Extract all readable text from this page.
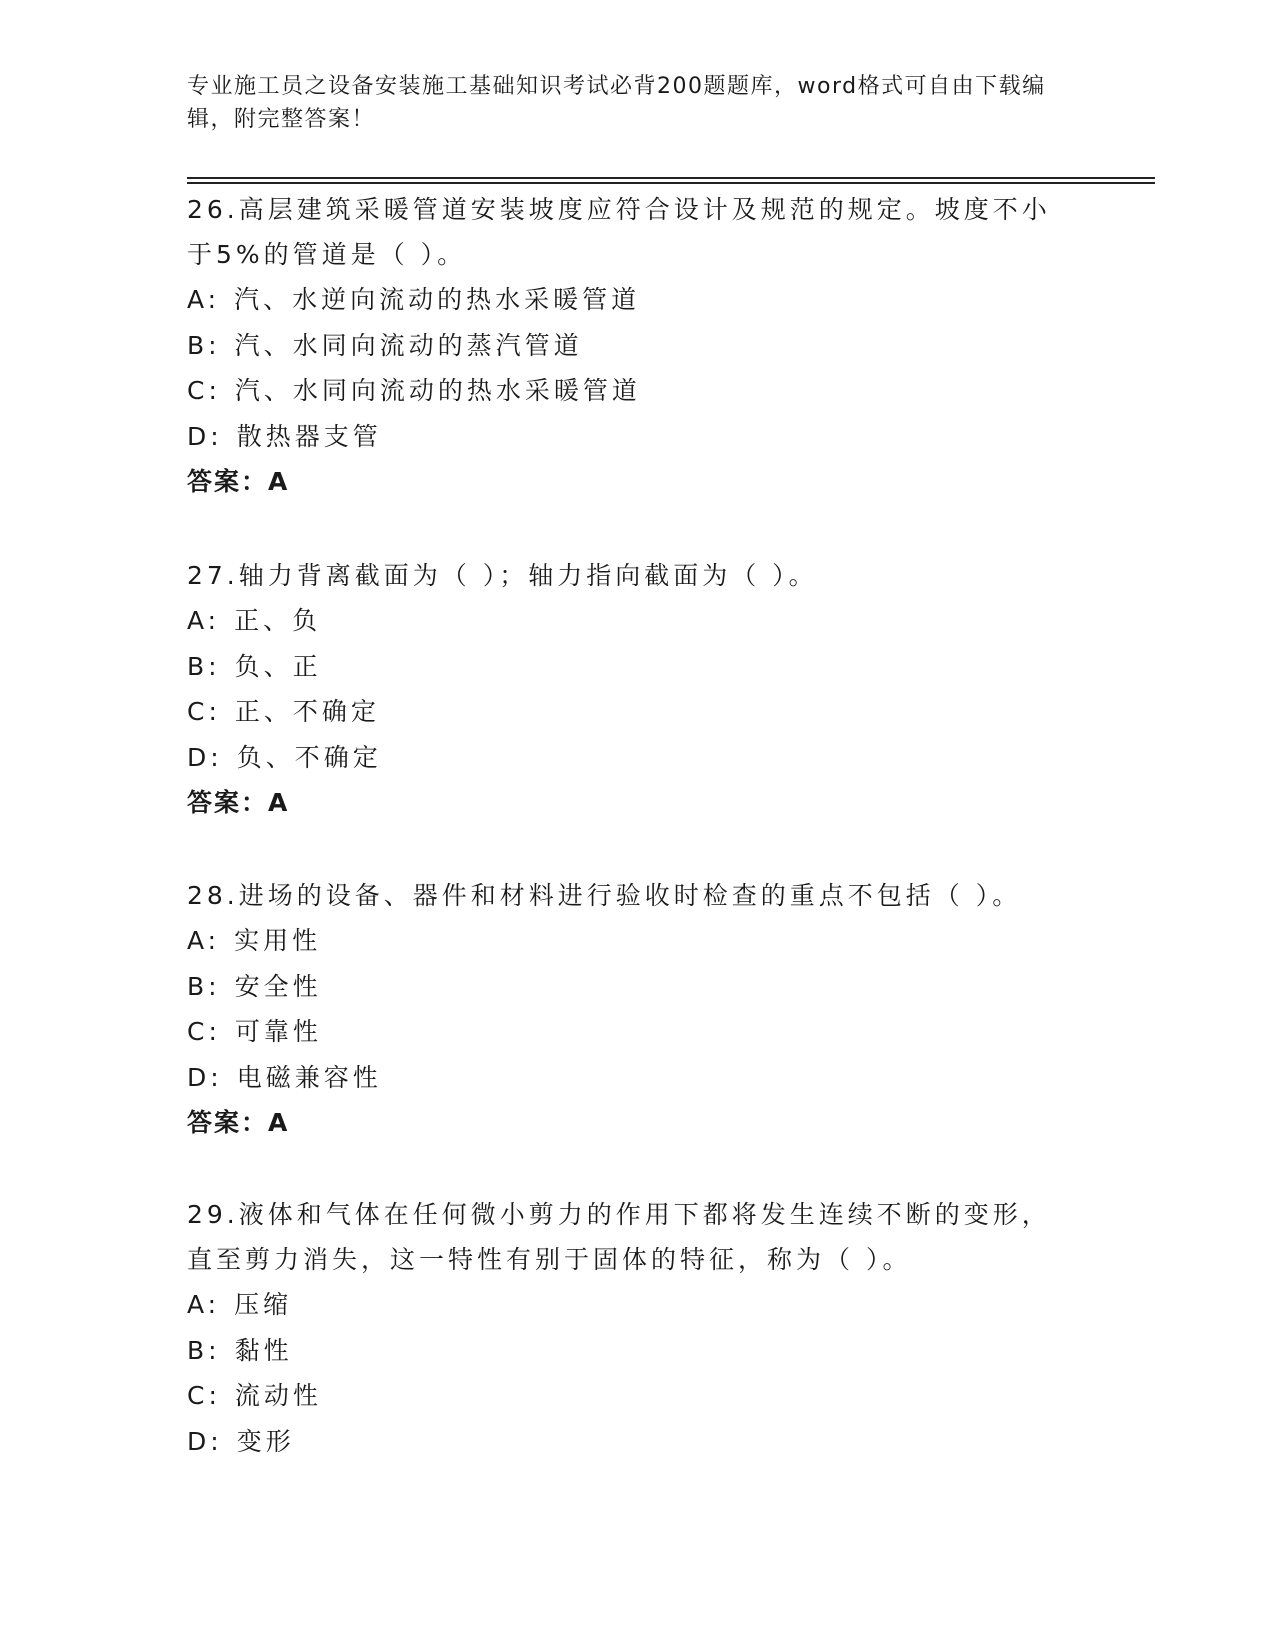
专业施工员之设备安装施工基础知识考试必背200题题库，word格式可自由下载编辑，附完整答案！

26.高层建筑采暖管道安装坡度应符合设计及规范的规定。坡度不小于5%的管道是（ ）。

A: 汽、水逆向流动的热水采暖管道

B: 汽、水同向流动的蒸汽管道

C: 汽、水同向流动的热水采暖管道

D: 散热器支管

答案：A

27.轴力背离截面为（ ）；轴力指向截面为（ ）。

A: 正、负

B: 负、正

C: 正、不确定

D: 负、不确定

答案：A

28.进场的设备、器件和材料进行验收时检查的重点不包括（ ）。

A: 实用性

B: 安全性

C: 可靠性

D: 电磁兼容性

答案：A

29.液体和气体在任何微小剪力的作用下都将发生连续不断的变形，直至剪力消失，这一特性有别于固体的特征，称为（ ）。

A: 压缩

B: 黏性

C: 流动性

D: 变形
